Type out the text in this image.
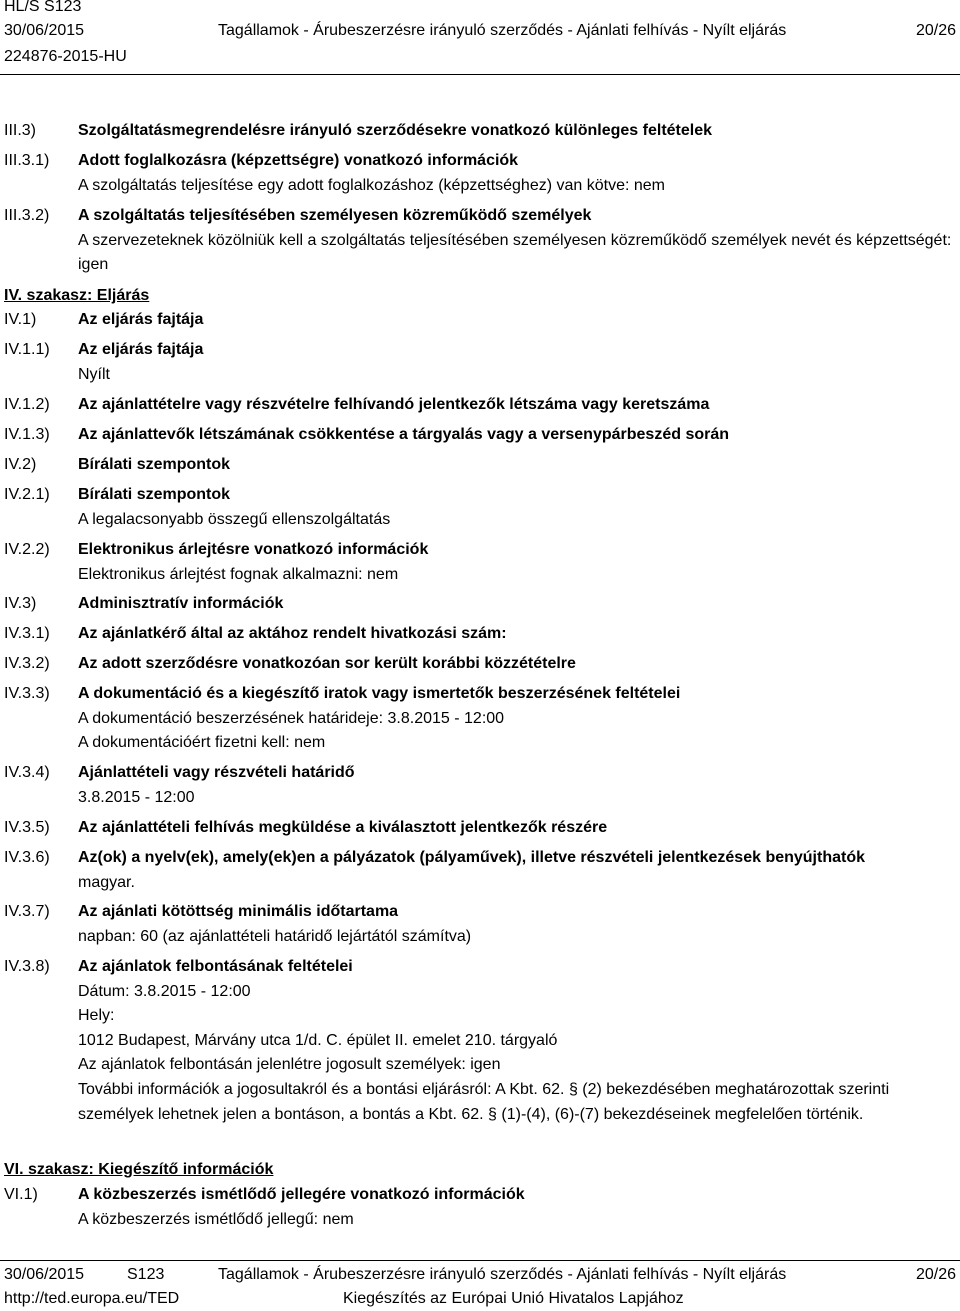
HL/S S123
30/06/2015	Tagállamok - Árubeszerzésre irányuló szerződés - Ajánlati felhívás - Nyílt eljárás	20/26
224876-2015-HU
III.3)	Szolgáltatásmegrendelésre irányuló szerződésekre vonatkozó különleges feltételek
III.3.1) Adott foglalkozásra (képzettségre) vonatkozó információk
A szolgáltatás teljesítése egy adott foglalkozáshoz (képzettséghez) van kötve: nem
III.3.2) A szolgáltatás teljesítésében személyesen közreműködő személyek
A szervezeteknek közölniük kell a szolgáltatás teljesítésében személyesen közreműködő személyek nevét és képzettségét: igen
IV. szakasz: Eljárás
IV.1)	Az eljárás fajtája
IV.1.1) Az eljárás fajtája
Nyílt
IV.1.2) Az ajánlattételre vagy részvételre felhívandó jelentkezők létszáma vagy keretszáma
IV.1.3) Az ajánlattevők létszámának csökkentése a tárgyalás vagy a versenypárbeszéd során
IV.2)	Bírálati szempontok
IV.2.1) Bírálati szempontok
A legalacsonyabb összegű ellenszolgáltatás
IV.2.2) Elektronikus árlejtésre vonatkozó információk
Elektronikus árlejtést fognak alkalmazni: nem
IV.3)	Adminisztratív információk
IV.3.1) Az ajánlatkérő által az aktához rendelt hivatkozási szám:
IV.3.2) Az adott szerződésre vonatkozóan sor került korábbi közzétételre
IV.3.3) A dokumentáció és a kiegészítő iratok vagy ismertetők beszerzésének feltételei
A dokumentáció beszerzésének határideje: 3.8.2015 - 12:00
A dokumentációért fizetni kell: nem
IV.3.4) Ajánlattételi vagy részvételi határidő
3.8.2015 - 12:00
IV.3.5) Az ajánlattételi felhívás megküldése a kiválasztott jelentkezők részére
IV.3.6) Az(ok) a nyelv(ek), amely(ek)en a pályázatok (pályaművek), illetve részvételi jelentkezések benyújthatók
magyar.
IV.3.7) Az ajánlati kötöttség minimális időtartama
napban: 60 (az ajánlattételi határidő lejártától számítva)
IV.3.8) Az ajánlatok felbontásának feltételei
Dátum: 3.8.2015 - 12:00
Hely:
1012 Budapest, Márvány utca 1/d. C. épület II. emelet 210. tárgyaló
Az ajánlatok felbontásán jelenlétre jogosult személyek: igen
További információk a jogosultakról és a bontási eljárásról: A Kbt. 62. § (2) bekezdésében meghatározottak szerinti személyek lehetnek jelen a bontáson, a bontás a Kbt. 62. § (1)-(4), (6)-(7) bekezdéseinek megfelelően történik.
VI. szakasz: Kiegészítő információk
VI.1)	A közbeszerzés ismétlődő jellegére vonatkozó információk
A közbeszerzés ismétlődő jellegű: nem
30/06/2015	S123	Tagállamok - Árubeszerzésre irányuló szerződés - Ajánlati felhívás - Nyílt eljárás	20/26
http://ted.europa.eu/TED	Kiegészítés az Európai Unió Hivatalos Lapjához
